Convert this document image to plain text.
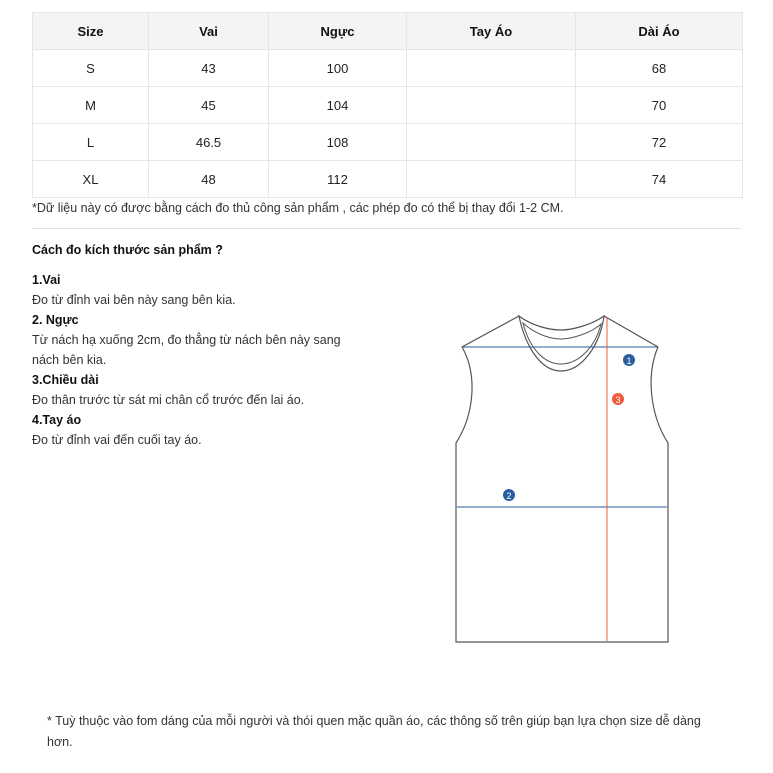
Size	Vai	Ngực	Tay Áo	Dài Áo
S	43	100		68
M	45	104		70
L	46.5	108		72
XL	48	112		74
*Dữ liệu này có được bằng cách đo thủ công sản phẩm , các phép đo có thể bị thay đổi 1-2 CM.
Cách đo kích thước sản phẩm ?
1.Vai
Đo từ đỉnh vai bên này sang bên kia.
2. Ngực
Từ nách hạ xuống 2cm, đo thẳng từ nách bên này sang
nách bên kia.
3.Chiều dài
Đo thân trước từ sát mi chân cổ trước đến lai áo.
4.Tay áo
Đo từ đỉnh vai đến cuối tay áo.
1
3
2
* Tuỳ thuộc vào fom dáng của mỗi người và thói quen mặc quần áo, các thông số trên giúp bạn lựa chọn size dễ dàng hơn.
